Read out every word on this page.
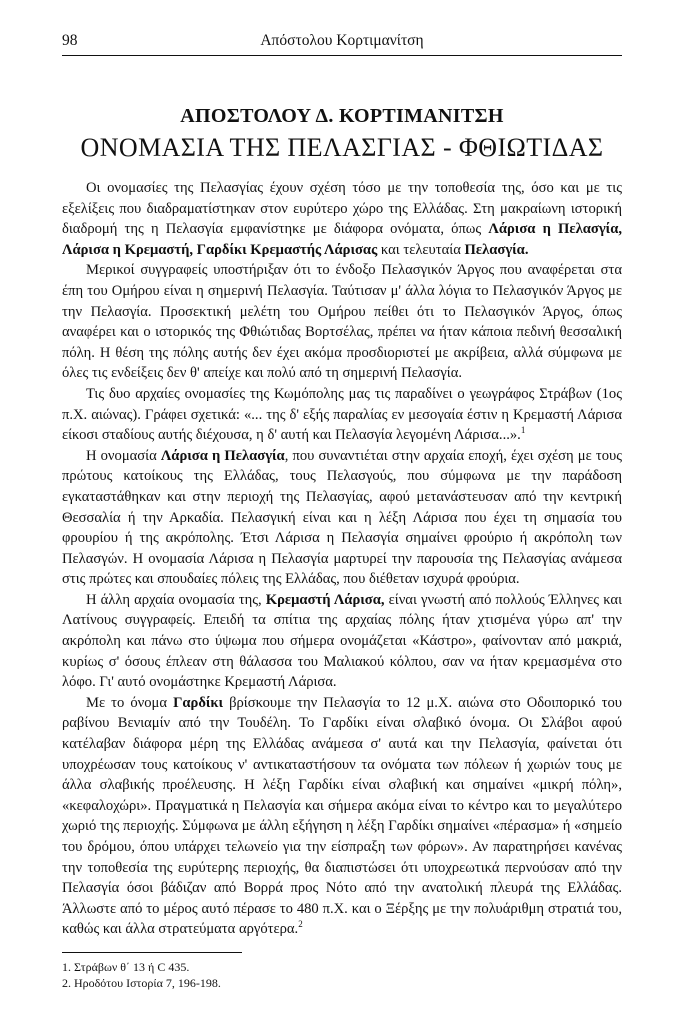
98	Απόστολου Κορτιμανίτση
ΑΠΟΣΤΟΛΟΥ Δ. ΚΟΡΤΙΜΑΝΙΤΣΗ
ΟΝΟΜΑΣΙΑ ΤΗΣ ΠΕΛΑΣΓΙΑΣ - ΦΘΙΩΤΙΔΑΣ

Οι ονομασίες της Πελασγίας έχουν σχέση τόσο με την τοποθεσία της, όσο και με τις εξελίξεις που διαδραματίστηκαν στον ευρύτερο χώρο της Ελλάδας. Στη μακραίωνη ιστορική διαδρομή της η Πελασγία εμφανίστηκε με διάφορα ονόματα, όπως Λάρισα η Πελασγία, Λάρισα η Κρεμαστή, Γαρδίκι Κρεμαστής Λάρισας και τελευταία Πελασγία.

Μερικοί συγγραφείς υποστήριξαν ότι το ένδοξο Πελασγικόν Άργος που αναφέρεται στα έπη του Ομήρου είναι η σημερινή Πελασγία. Ταύτισαν μ' άλλα λόγια το Πελασγικόν Άργος με την Πελασγία. Προσεκτική μελέτη του Ομήρου πείθει ότι το Πελασγικόν Άργος, όπως αναφέρει και ο ιστορικός της Φθιώτιδας Βορτσέλας, πρέπει να ήταν κάποια πεδινή θεσσαλική πόλη. Η θέση της πόλης αυτής δεν έχει ακόμα προσδιοριστεί με ακρίβεια, αλλά σύμφωνα με όλες τις ενδείξεις δεν θ' απείχε και πολύ από τη σημερινή Πελασγία.

Τις δυο αρχαίες ονομασίες της Κωμόπολης μας τις παραδίνει ο γεωγράφος Στράβων (1ος π.Χ. αιώνας). Γράφει σχετικά: «... της δ' εξής παραλίας εν μεσογαία έστιν η Κρεμαστή Λάρισα είκοσι σταδίους αυτής διέχουσα, η δ' αυτή και Πελασγία λεγομένη Λάρισα...».$^1$

Η ονομασία Λάρισα η Πελασγία, που συναντιέται στην αρχαία εποχή, έχει σχέση με τους πρώτους κατοίκους της Ελλάδας, τους Πελασγούς, που σύμφωνα με την παράδοση εγκαταστάθηκαν και στην περιοχή της Πελασγίας, αφού μετανάστευσαν από την κεντρική Θεσσαλία ή την Αρκαδία. Πελασγική είναι και η λέξη Λάρισα που έχει τη σημασία του φρουρίου ή της ακρόπολης. Έτσι Λάρισα η Πελασγία σημαίνει φρούριο ή ακρόπολη των Πελασγών. Η ονομασία Λάρισα η Πελασγία μαρτυρεί την παρουσία της Πελασγίας ανάμεσα στις πρώτες και σπουδαίες πόλεις της Ελλάδας, που διέθεταν ισχυρά φρούρια.

Η άλλη αρχαία ονομασία της, Κρεμαστή Λάρισα, είναι γνωστή από πολλούς Έλληνες και Λατίνους συγγραφείς. Επειδή τα σπίτια της αρχαίας πόλης ήταν χτισμένα γύρω απ' την ακρόπολη και πάνω στο ύψωμα που σήμερα ονομάζεται «Κάστρο», φαίνονταν από μακριά, κυρίως σ' όσους έπλεαν στη θάλασσα του Μαλιακού κόλπου, σαν να ήταν κρεμασμένα στο λόφο. Γι' αυτό ονομάστηκε Κρεμαστή Λάρισα.

Με το όνομα Γαρδίκι βρίσκουμε την Πελασγία το 12 μ.Χ. αιώνα στο Οδοιπορικό του ραβίνου Βενιαμίν από την Τουδέλη. Το Γαρδίκι είναι σλαβικό όνομα. Οι Σλάβοι αφού κατέλαβαν διάφορα μέρη της Ελλάδας ανάμεσα σ' αυτά και την Πελασγία, φαίνεται ότι υποχρέωσαν τους κατοίκους ν' αντικαταστήσουν τα ονόματα των πόλεων ή χωριών τους με άλλα σλαβικής προέλευσης. Η λέξη Γαρδίκι είναι σλαβική και σημαίνει «μικρή πόλη», «κεφαλοχώρι». Πραγματικά η Πελασγία και σήμερα ακόμα είναι το κέντρο και το μεγαλύτερο χωριό της περιοχής. Σύμφωνα με άλλη εξήγηση η λέξη Γαρδίκι σημαίνει «πέρασμα» ή «σημείο του δρόμου, όπου υπάρχει τελωνείο για την είσπραξη των φόρων». Αν παρατηρήσει κανένας την τοποθεσία της ευρύτερης περιοχής, θα διαπιστώσει ότι υποχρεωτικά περνούσαν από την Πελασγία όσοι βάδιζαν από Βορρά προς Νότο από την ανατολική πλευρά της Ελλάδας. Άλλωστε από το μέρος αυτό πέρασε το 480 π.Χ. και ο Ξέρξης με την πολυάριθμη στρατιά του, καθώς και άλλα στρατεύματα αργότερα.$^2$

1. Στράβων θ΄ 13 ή C 435.

2. Ηροδότου Ιστορία 7, 196-198.
